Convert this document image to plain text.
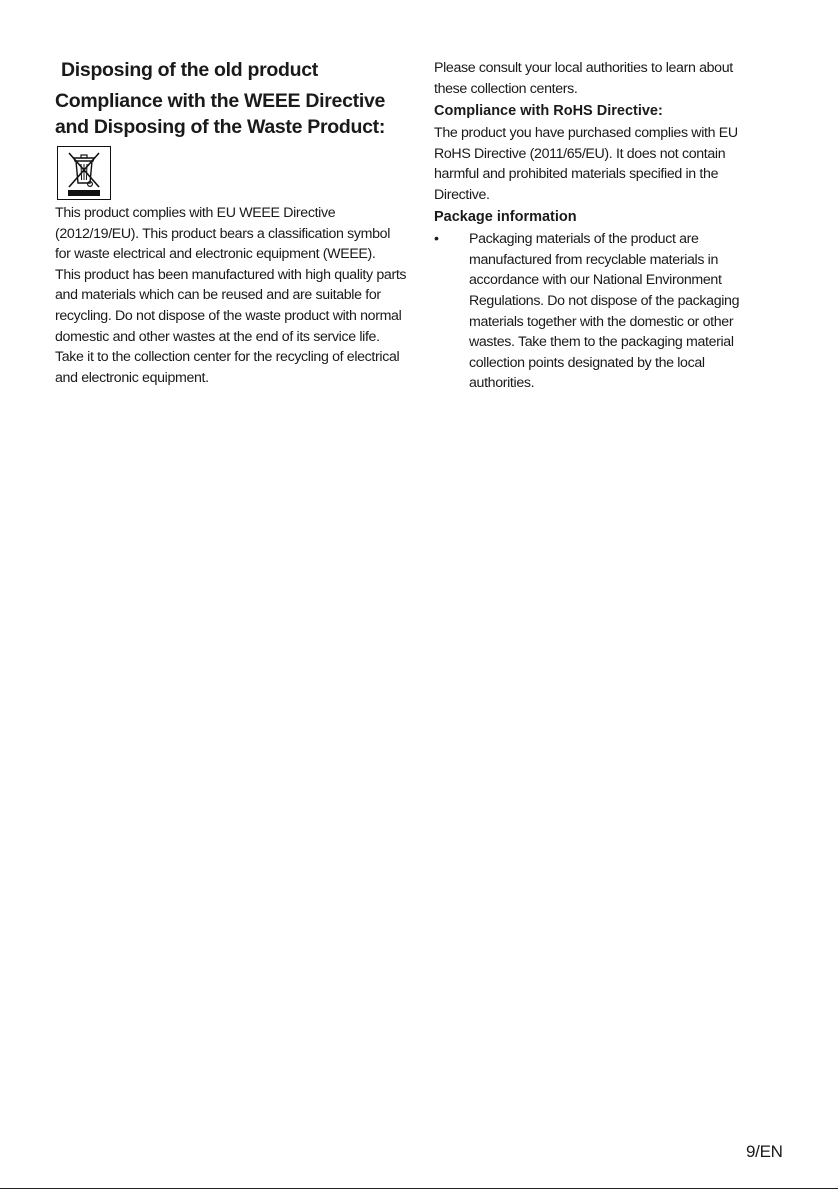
Disposing of the old product
Compliance with the WEEE Directive and Disposing of the Waste Product:

This product complies with EU WEEE Directive (2012/19/EU). This product bears a classification symbol for waste electrical and electronic equipment (WEEE).

This product has been manufactured with high quality parts and materials which can be reused and are suitable for recycling. Do not dispose of the waste product with normal domestic and other wastes at the end of its service life. Take it to the collection center for the recycling of electrical and electronic equipment.

Please consult your local authorities to learn about these collection centers.

Compliance with RoHS Directive:

The product you have purchased complies with EU RoHS Directive (2011/65/EU). It does not contain harmful and prohibited materials specified in the Directive.

Package information
• Packaging materials of the product are manufactured from recyclable materials in accordance with our National Environment Regulations. Do not dispose of the packaging materials together with the domestic or other wastes. Take them to the packaging material collection points designated by the local authorities.
9/EN
